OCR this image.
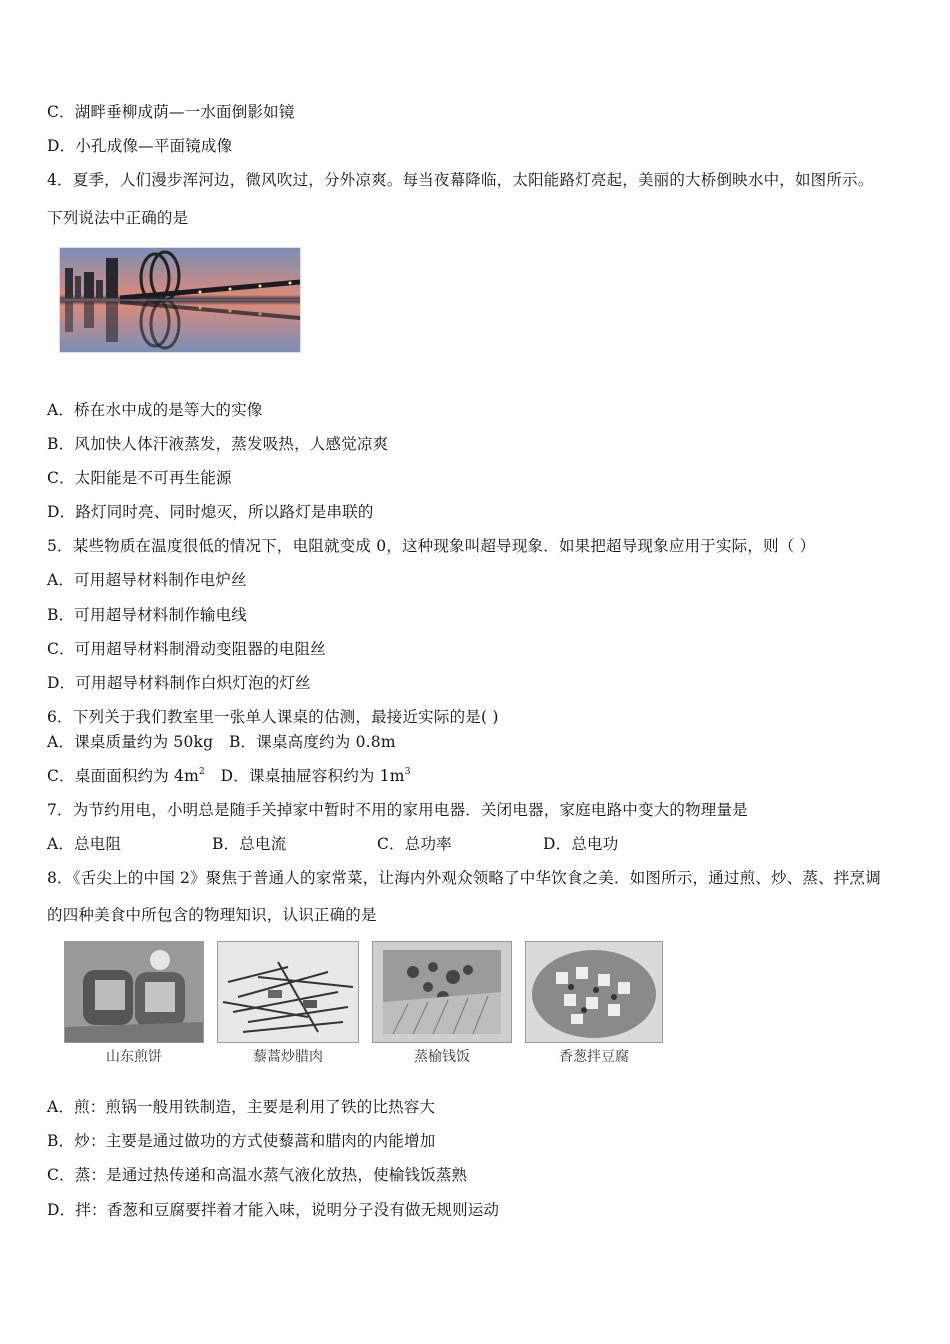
C．湖畔垂柳成荫—一水面倒影如镜
D．小孔成像—平面镜成像
4．夏季，人们漫步浑河边，微风吹过，分外凉爽。每当夜幕降临，太阳能路灯亮起，美丽的大桥倒映水中，如图所示。
下列说法中正确的是
A．桥在水中成的是等大的实像
B．风加快人体汗液蒸发，蒸发吸热，人感觉凉爽
C．太阳能是不可再生能源
D．路灯同时亮、同时熄灭，所以路灯是串联的
5．某些物质在温度很低的情况下，电阻就变成 0，这种现象叫超导现象．如果把超导现象应用于实际，则（ ）
A．可用超导材料制作电炉丝
B．可用超导材料制作输电线
C．可用超导材料制滑动变阻器的电阻丝
D．可用超导材料制作白炽灯泡的灯丝
6．下列关于我们教室里一张单人课桌的估测，最接近实际的是( )
A．课桌质量约为 50kg　B．课桌高度约为 0.8m
C．桌面面积约为 $4m^2$　D．课桌抽屉容积约为 $1m^3$
7．为节约用电，小明总是随手关掉家中暂时不用的家用电器．关闭电器，家庭电路中变大的物理量是
A．总电阻	B．总电流	C．总功率	D．总电功
8．《舌尖上的中国 2》聚焦于普通人的家常菜，让海内外观众领略了中华饮食之美．如图所示，通过煎、炒、蒸、拌烹调
的四种美食中所包含的物理知识，认识正确的是
山东煎饼	藜蒿炒腊肉	蒸榆钱饭	香葱拌豆腐
A．煎：煎锅一般用铁制造，主要是利用了铁的比热容大
B．炒：主要是通过做功的方式使藜蒿和腊肉的内能增加
C．蒸：是通过热传递和高温水蒸气液化放热，使榆钱饭蒸熟
D．拌：香葱和豆腐要拌着才能入味，说明分子没有做无规则运动
